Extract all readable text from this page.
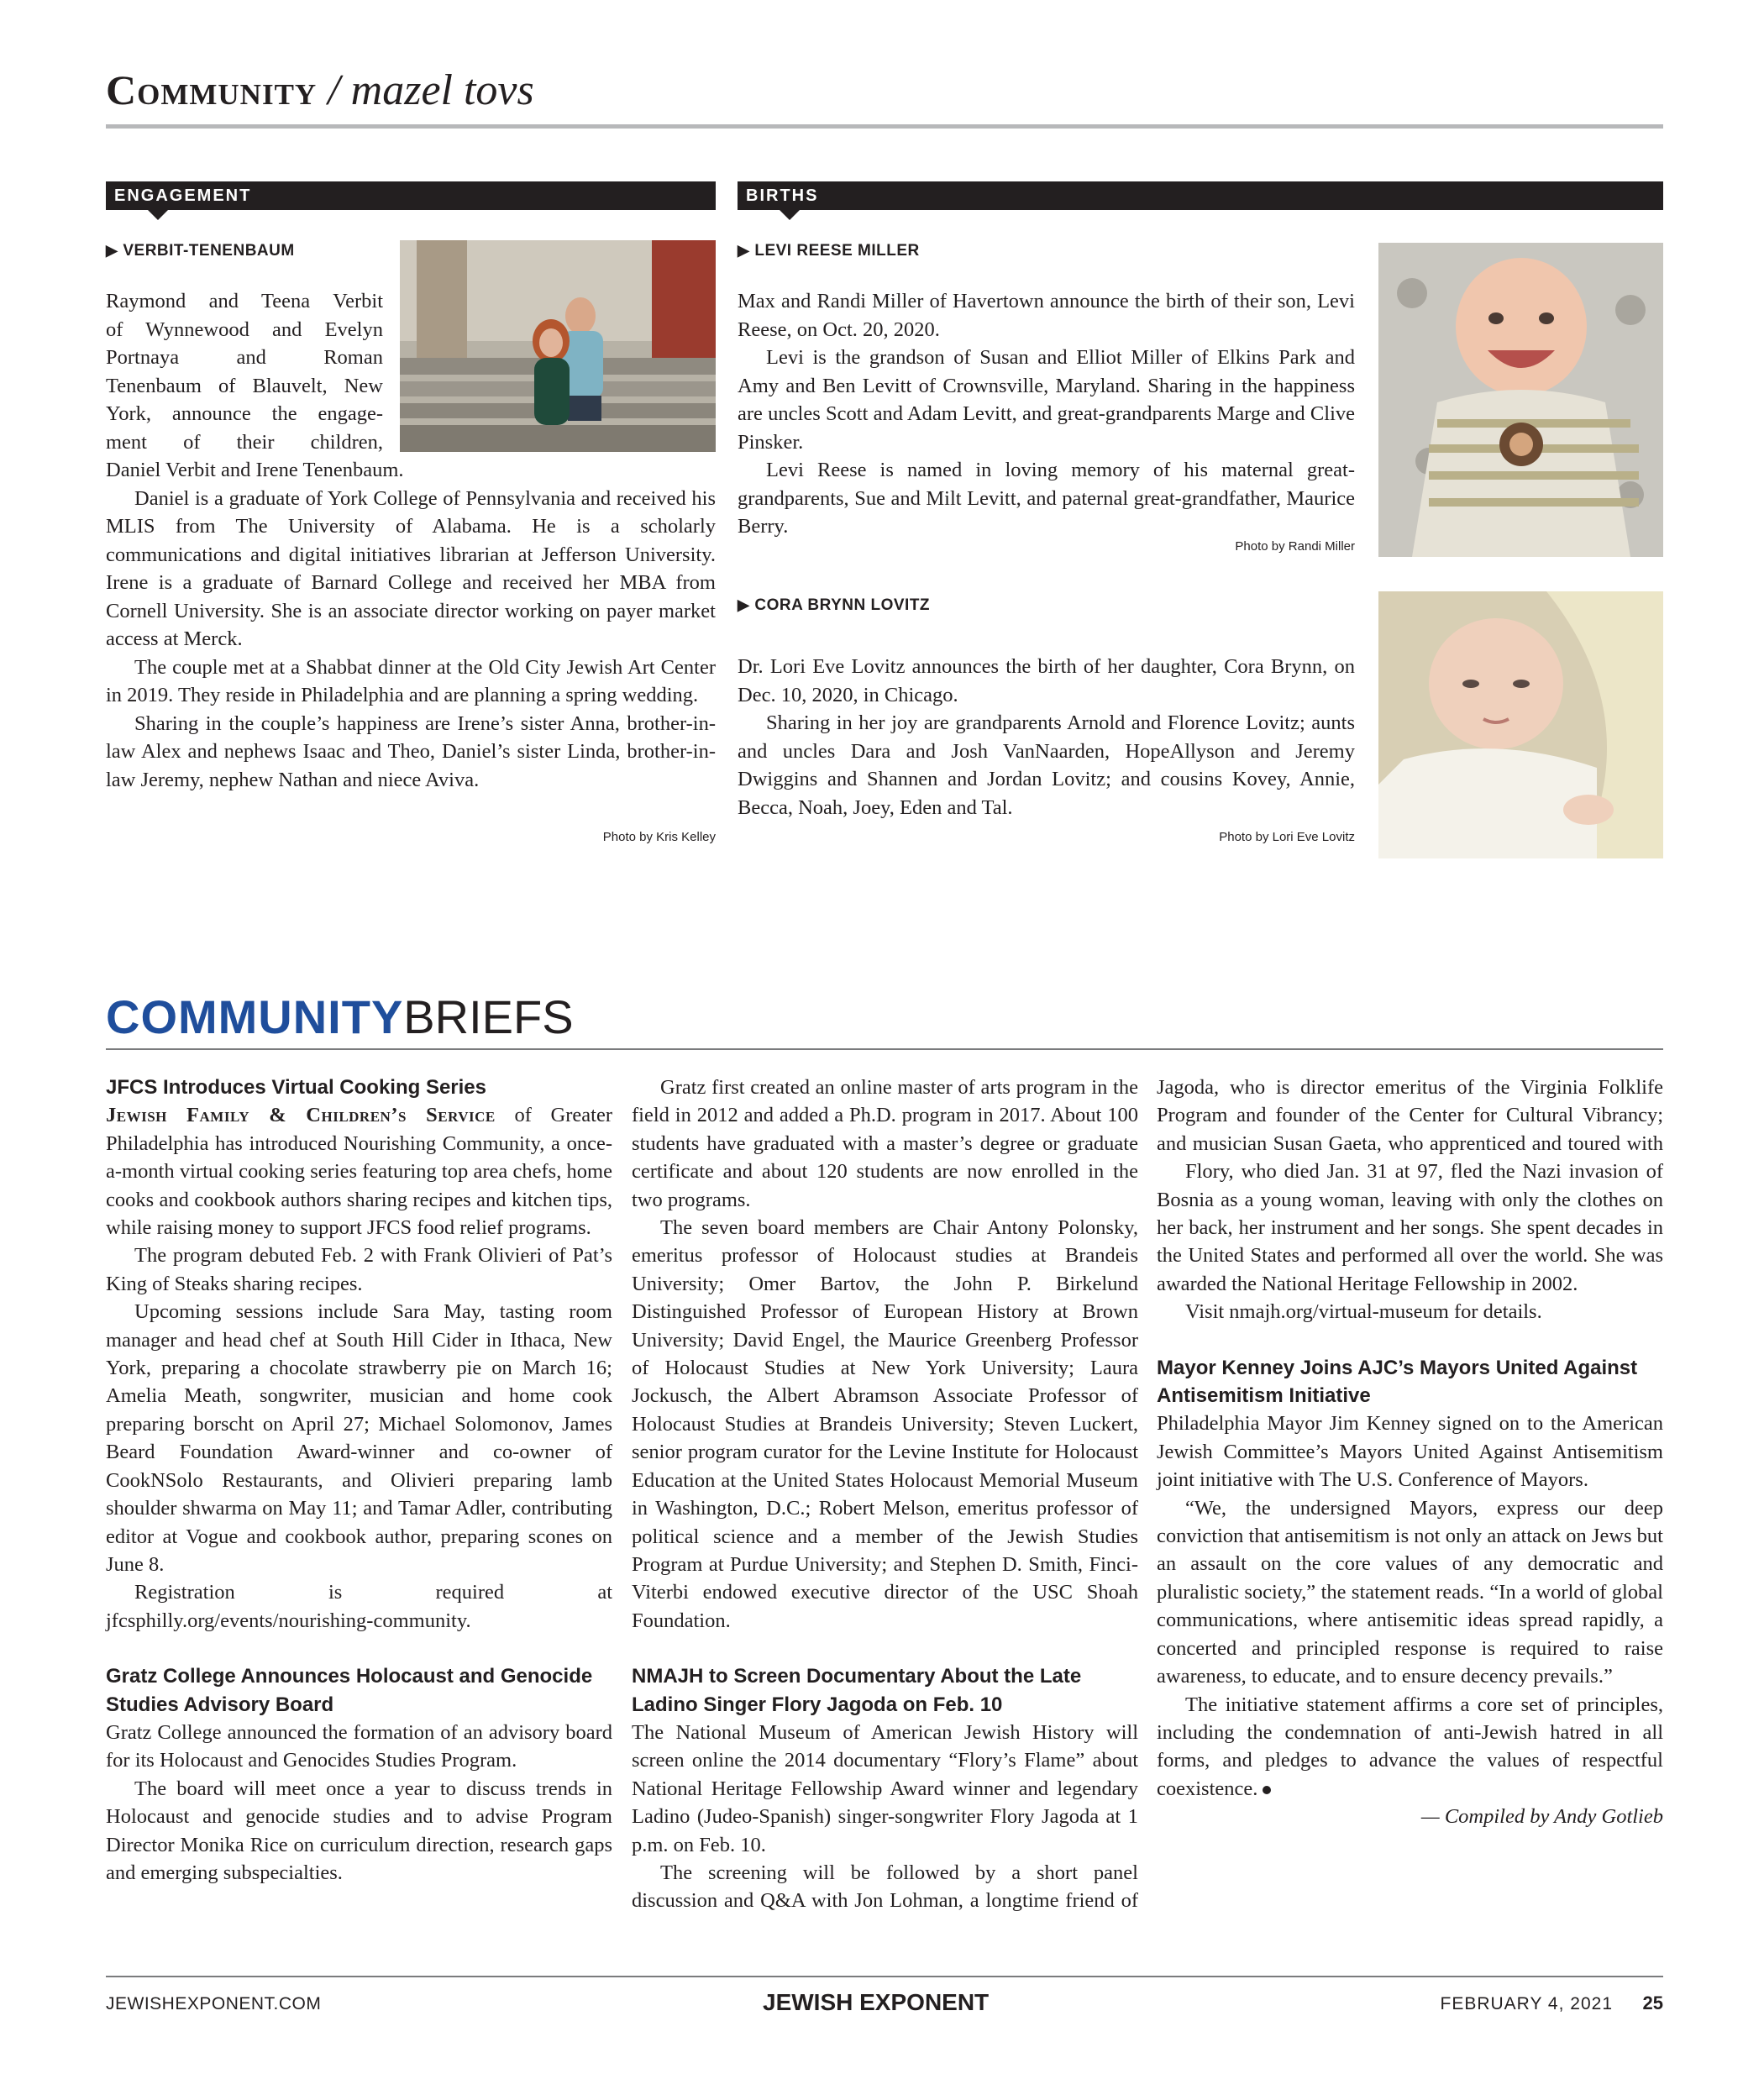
Community / mazel tovs
ENGAGEMENT
▶ VERBIT-TENENBAUM
Raymond and Teena Verbit
of Wynnewood and Evelyn
Portnaya and Roman
Tenenbaum of Blauvelt, New
York, announce the engage-
ment of their children,

Daniel Verbit and Irene Tenenbaum.

Daniel is a graduate of York College of Pennsylvania and received his MLIS from The University of Alabama. He is a scholarly communications and digital initiatives librarian at Jefferson University. Irene is a graduate of Barnard College and received her MBA from Cornell University. She is an associate director working on payer market access at Merck.

The couple met at a Shabbat dinner at the Old City Jewish Art Center in 2019. They reside in Philadelphia and are planning a spring wedding.

Sharing in the couple’s happiness are Irene’s sister Anna, brother-in-law Alex and nephews Isaac and Theo, Daniel’s sister Linda, brother-in-law Jeremy, nephew Nathan and niece Aviva.

Photo by Kris Kelley
BIRTHS
▶ LEVI REESE MILLER

Max and Randi Miller of Havertown announce the birth of their son, Levi Reese, on Oct. 20, 2020.

Levi is the grandson of Susan and Elliot Miller of Elkins Park and Amy and Ben Levitt of Crownsville, Maryland. Sharing in the happiness are uncles Scott and Adam Levitt, and great-grandparents Marge and Clive Pinsker.

Levi Reese is named in loving memory of his maternal great-grandparents, Sue and Milt Levitt, and paternal great-grandfather, Maurice Berry.

Photo by Randi Miller
▶ CORA BRYNN LOVITZ

Dr. Lori Eve Lovitz announces the birth of her daughter, Cora Brynn, on Dec. 10, 2020, in Chicago.

Sharing in her joy are grandparents Arnold and Florence Lovitz; aunts and uncles Dara and Josh VanNaarden, HopeAllyson and Jeremy Dwiggins and Shannen and Jordan Lovitz; and cousins Kovey, Annie, Becca, Noah, Joey, Eden and Tal.

Photo by Lori Eve Lovitz
COMMUNITYBRIEFS
JFCS Introduces Virtual Cooking Series

Jewish Family & Children’s Service of Greater Philadelphia has introduced Nourishing Community, a once-a-month virtual cooking series featuring top area chefs, home cooks and cookbook authors sharing recipes and kitchen tips, while raising money to support JFCS food relief programs.

The program debuted Feb. 2 with Frank Olivieri of Pat’s King of Steaks sharing recipes.

Upcoming sessions include Sara May, tasting room manager and head chef at South Hill Cider in Ithaca, New York, preparing a chocolate strawberry pie on March 16; Amelia Meath, songwriter, musician and home cook preparing borscht on April 27; Michael Solomonov, James Beard Foundation Award-winner and co-owner of CookNSolo Restaurants, and Olivieri preparing lamb shoulder shwarma on May 11; and Tamar Adler, contributing editor at Vogue and cookbook author, preparing scones on June 8.

Registration is required at jfcsphilly.org/events/nourishing-community.

Gratz College Announces Holocaust and Genocide Studies Advisory Board

Gratz College announced the formation of an advisory board for its Holocaust and Genocides Studies Program.

The board will meet once a year to discuss trends in Holocaust and genocide studies and to advise Program Director Monika Rice on curriculum direction, research gaps and emerging subspecialties.

Gratz first created an online master of arts program in the field in 2012 and added a Ph.D. program in 2017. About 100 students have graduated with a master’s degree or graduate certificate and about 120 students are now enrolled in the two programs.

The seven board members are Chair Antony Polonsky, emeritus professor of Holocaust studies at Brandeis University; Omer Bartov, the John P. Birkelund Distinguished Professor of European History at Brown University; David Engel, the Maurice Greenberg Professor of Holocaust Studies at New York University; Laura Jockusch, the Albert Abramson Associate Professor of Holocaust Studies at Brandeis University; Steven Luckert, senior program curator for the Levine Institute for Holocaust Education at the United States Holocaust Memorial Museum in Washington, D.C.; Robert Melson, emeritus professor of political science and a member of the Jewish Studies Program at Purdue University; and Stephen D. Smith, Finci-Viterbi endowed executive director of the USC Shoah Foundation.

NMAJH to Screen Documentary About the Late Ladino Singer Flory Jagoda on Feb. 10

The National Museum of American Jewish History will screen online the 2014 documentary “Flory’s Flame” about National Heritage Fellowship Award winner and legendary Ladino (Judeo-Spanish) singer-songwriter Flory Jagoda at 1 p.m. on Feb. 10.

The screening will be followed by a short panel discussion and Q&A with Jon Lohman, a longtime friend of

Jagoda, who is director emeritus of the Virginia Folklife Program and founder of the Center for Cultural Vibrancy; and musician Susan Gaeta, who apprenticed and toured with

Flory, who died Jan. 31 at 97, fled the Nazi invasion of Bosnia as a young woman, leaving with only the clothes on her back, her instrument and her songs. She spent decades in the United States and performed all over the world. She was awarded the National Heritage Fellowship in 2002.

Visit nmajh.org/virtual-museum for details.

Mayor Kenney Joins AJC’s Mayors United Against Antisemitism Initiative

Philadelphia Mayor Jim Kenney signed on to the American Jewish Committee’s Mayors United Against Antisemitism joint initiative with The U.S. Conference of Mayors.

“We, the undersigned Mayors, express our deep conviction that antisemitism is not only an attack on Jews but an assault on the core values of any democratic and pluralistic society,” the statement reads. “In a world of global communications, where antisemitic ideas spread rapidly, a concerted and principled response is required to raise awareness, to educate, and to ensure decency prevails.”

The initiative statement affirms a core set of principles, including the condemnation of anti-Jewish hatred in all forms, and pledges to advance the values of respectful coexistence.

— Compiled by Andy Gotlieb
JEWISHEXPONENT.COM	JEWISH EXPONENT	FEBRUARY 4, 2021 25
